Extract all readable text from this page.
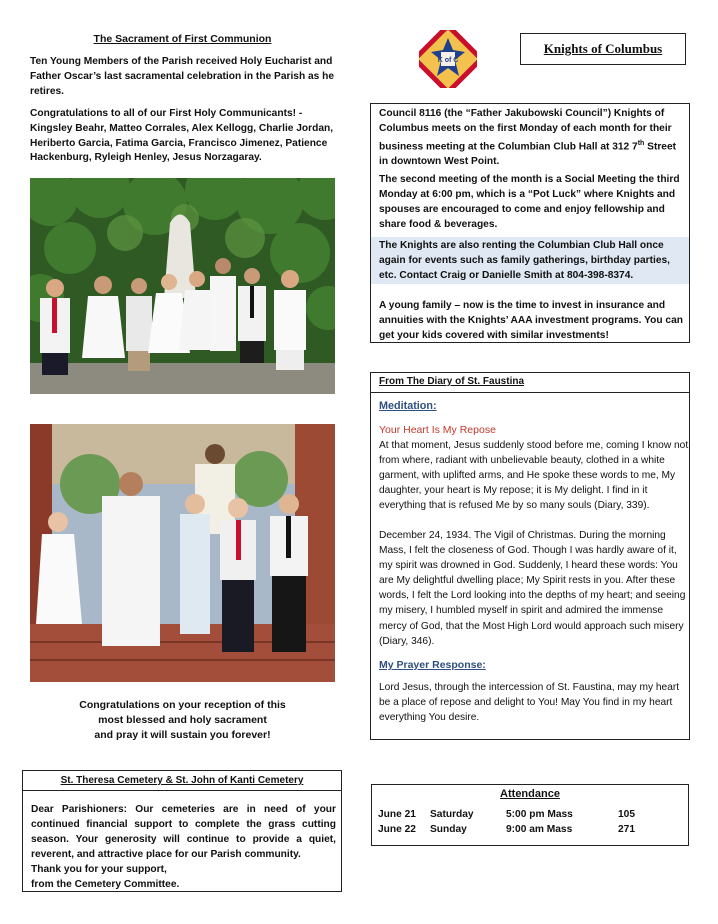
The Sacrament of First Communion
Ten Young Members of the Parish received Holy Eucharist and Father Oscar’s last sacramental celebration in the Parish as he retires.
Congratulations to all of our First Holy Communicants! - Kingsley Beahr, Matteo Corrales, Alex Kellogg, Charlie Jordan, Heriberto Garcia, Fatima Garcia, Francisco Jimenez, Patience Hackenburg, Ryleigh Henley, Jesus Norzagaray.
Congratulations on your reception of this
most blessed and holy sacrament
and pray it will sustain you forever!
St. Theresa Cemetery & St. John of Kanti Cemetery
Dear Parishioners: Our cemeteries are in need of your continued financial support to complete the grass cutting season. Your generosity will continue to provide a quiet, reverent, and attractive place for our Parish community.
Thank you for your support,
from the Cemetery Committee.
K of C
Knights of Columbus
Council 8116 (the “Father Jakubowski Council”) Knights of Columbus meets on the first Monday of each month for their business meeting at the Columbian Club Hall at 312 7th Street in downtown West Point.
The second meeting of the month is a Social Meeting the third Monday at 6:00 pm, which is a “Pot Luck” where Knights and spouses are encouraged to come and enjoy fellowship and share food & beverages.
The Knights are also renting the Columbian Club Hall once again for events such as family gatherings, birthday parties, etc. Contact Craig or Danielle Smith at 804-398-8374.
A young family – now is the time to invest in insurance and annuities with the Knights’ AAA investment programs. You can get your kids covered with similar investments!
From The Diary of St. Faustina
Meditation:
Your Heart Is My Repose
At that moment, Jesus suddenly stood before me, coming I know not from where, radiant with unbelievable beauty, clothed in a white garment, with uplifted arms, and He spoke these words to me, My daughter, your heart is My repose; it is My delight. I find in it everything that is refused Me by so many souls (Diary, 339).
December 24, 1934. The Vigil of Christmas. During the morning Mass, I felt the closeness of God. Though I was hardly aware of it, my spirit was drowned in God. Suddenly, I heard these words: You are My delightful dwelling place; My Spirit rests in you. After these words, I felt the Lord looking into the depths of my heart; and seeing my misery, I humbled myself in spirit and admired the immense mercy of God, that the Most High Lord would approach such misery (Diary, 346).
My Prayer Response:
Lord Jesus, through the intercession of St. Faustina, may my heart be a place of repose and delight to You! May You find in my heart everything You desire.
Attendance
June 21 Saturday	5:00 pm Mass	105
June 22 Sunday	9:00 am Mass	271
